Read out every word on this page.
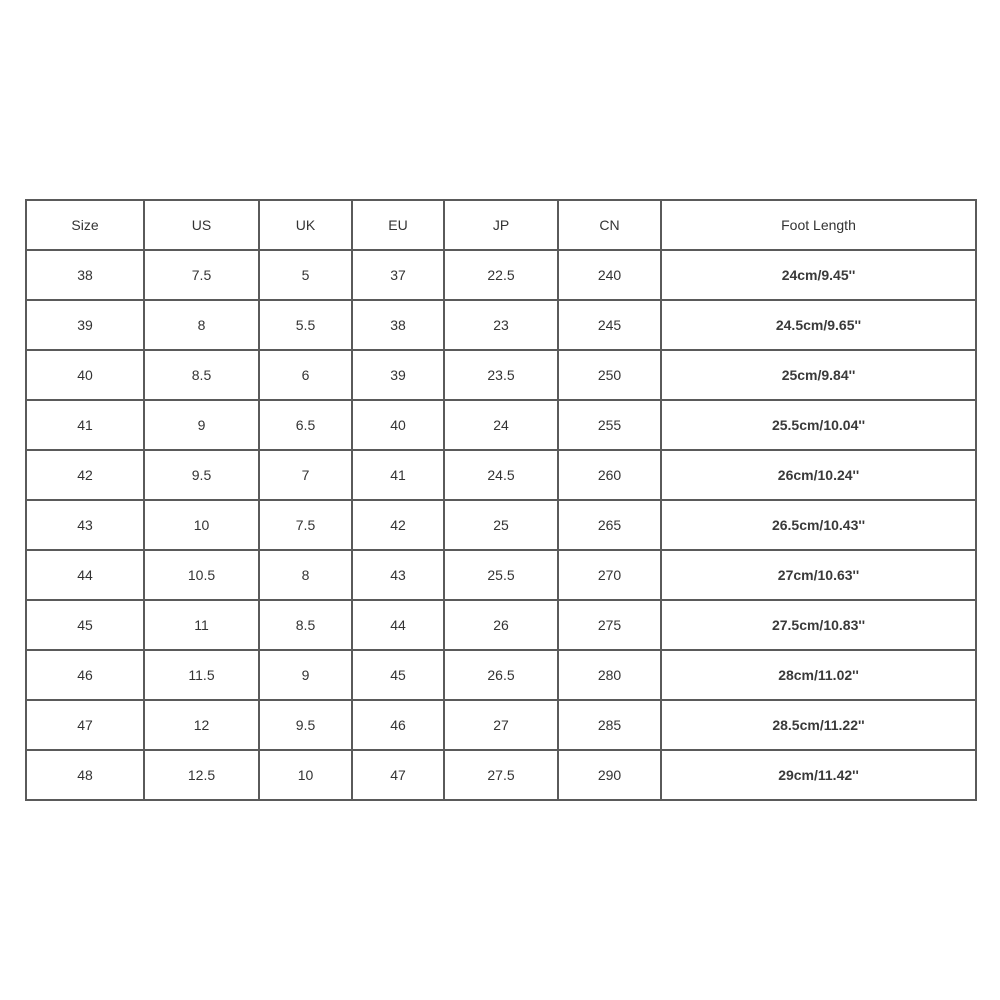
Size	US	UK	EU	JP	CN	Foot Length
38	7.5	5	37	22.5	240	24cm/9.45''
39	8	5.5	38	23	245	24.5cm/9.65''
40	8.5	6	39	23.5	250	25cm/9.84''
41	9	6.5	40	24	255	25.5cm/10.04''
42	9.5	7	41	24.5	260	26cm/10.24''
43	10	7.5	42	25	265	26.5cm/10.43''
44	10.5	8	43	25.5	270	27cm/10.63''
45	11	8.5	44	26	275	27.5cm/10.83''
46	11.5	9	45	26.5	280	28cm/11.02''
47	12	9.5	46	27	285	28.5cm/11.22''
48	12.5	10	47	27.5	290	29cm/11.42''
